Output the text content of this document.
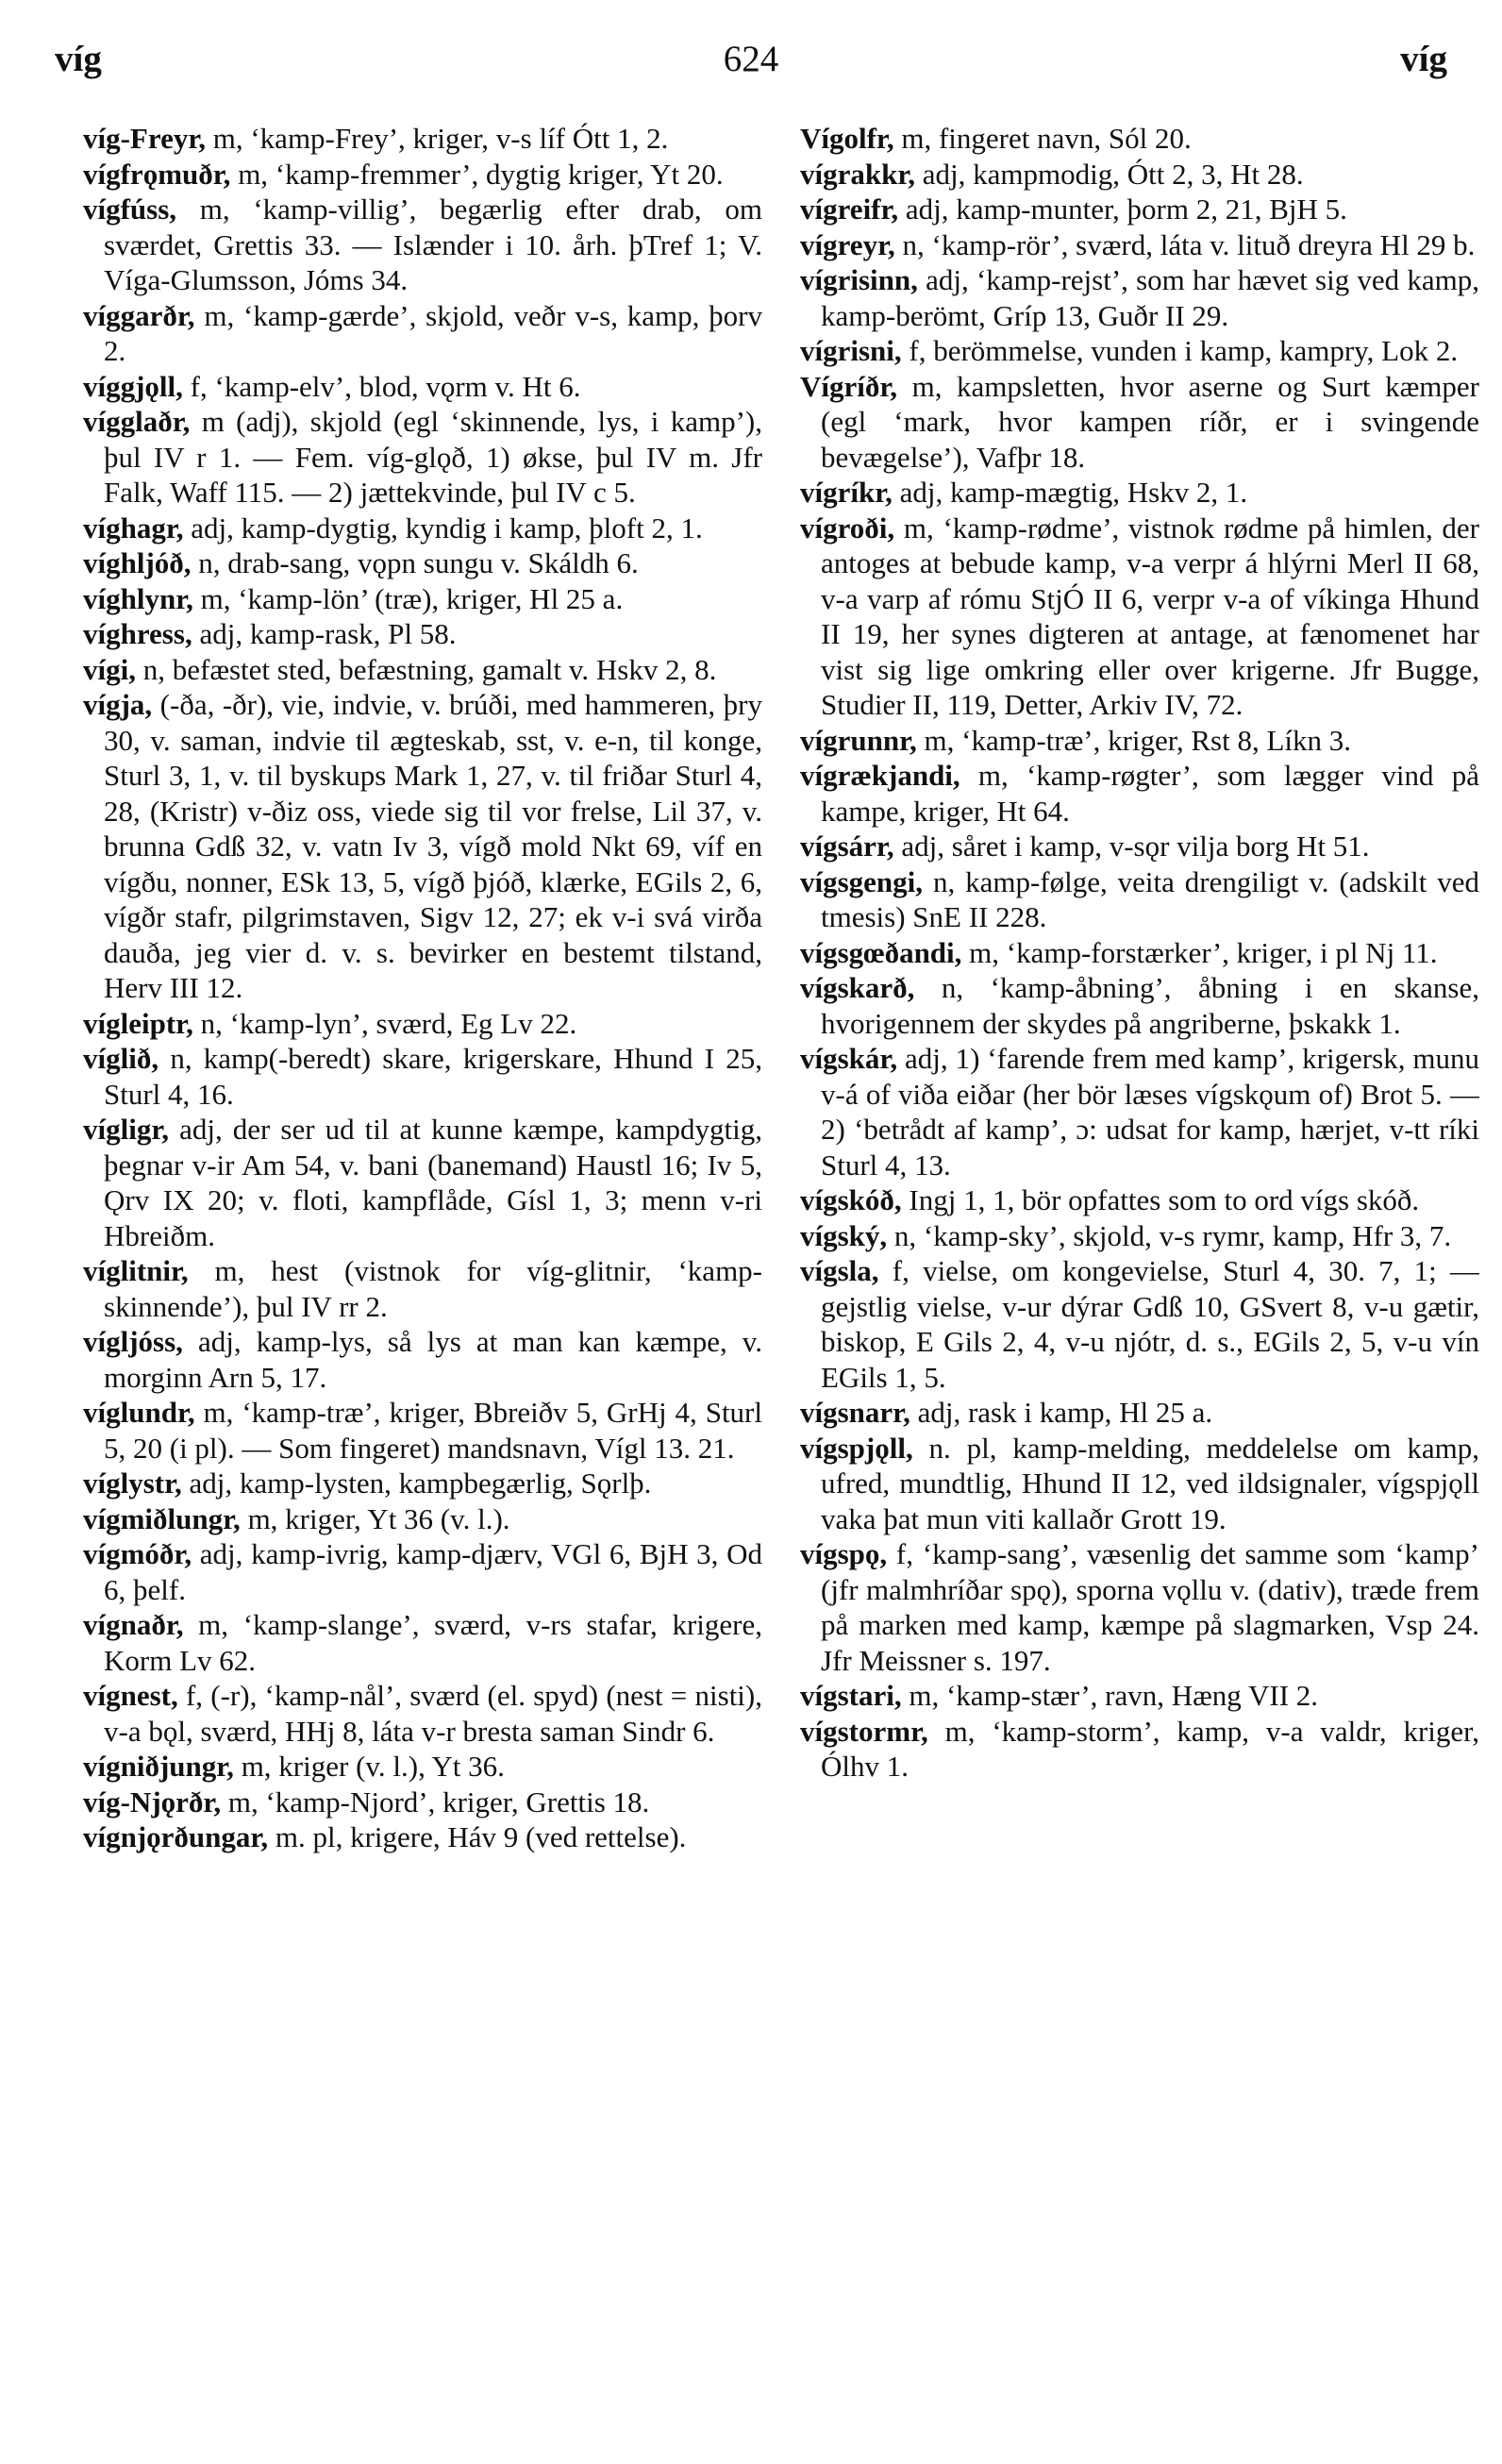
624
víg	víg

víg-Freyr, m, ‘kamp-Frey’, kriger, v-s líf Ótt 1, 2.

vígfrǫmuðr, m, ‘kamp-fremmer’, dygtig kriger, Yt 20.

vígfúss, m, ‘kamp-villig’, begærlig efter drab, om sværdet, Grettis 33. — Islænder i 10. årh. þTref 1; V. Víga-Glumsson, Jóms 34.

víggarðr, m, ‘kamp-gærde’, skjold, veðr v-s, kamp, þorv 2.

víggjǫll, f, ‘kamp-elv’, blod, vǫrm v. Ht 6.

vígglaðr, m (adj), skjold (egl ‘skinnende, lys, i kamp’), þul IV r 1. — Fem. víg-glǫð, 1) økse, þul IV m. Jfr Falk, Waff 115. — 2) jættekvinde, þul IV c 5.

víghagr, adj, kamp-dygtig, kyndig i kamp, þloft 2, 1.

víghljóð, n, drab-sang, vǫpn sungu v. Skáldh 6.

víghlynr, m, ‘kamp-lön’ (træ), kriger, Hl 25 a.

víghress, adj, kamp-rask, Pl 58.

vígi, n, befæstet sted, befæstning, gamalt v. Hskv 2, 8.

vígja, (-ða, -ðr), vie, indvie, v. brúði, med hammeren, þry 30, v. saman, indvie til ægteskab, sst, v. e-n, til konge, Sturl 3, 1, v. til byskups Mark 1, 27, v. til friðar Sturl 4, 28, (Kristr) v-ðiz oss, viede sig til vor frelse, Lil 37, v. brunna Gdß 32, v. vatn Iv 3, vígð mold Nkt 69, víf en vígðu, nonner, ESk 13, 5, vígð þjóð, klærke, EGils 2, 6, vígðr stafr, pilgrimstaven, Sigv 12, 27; ek v-i svá virða dauða, jeg vier d. v. s. bevirker en bestemt tilstand, Herv III 12.

vígleiptr, n, ‘kamp-lyn’, sværd, Eg Lv 22.

víglið, n, kamp(-beredt) skare, krigerskare, Hhund I 25, Sturl 4, 16.

vígligr, adj, der ser ud til at kunne kæmpe, kampdygtig, þegnar v-ir Am 54, v. bani (banemand) Haustl 16; Iv 5, Ǫrv IX 20; v. floti, kampflåde, Gísl 1, 3; menn v-ri Hbreiðm.

víglitnir, m, hest (vistnok for víg-glitnir, ‘kamp-skinnende’), þul IV rr 2.

vígljóss, adj, kamp-lys, så lys at man kan kæmpe, v. morginn Arn 5, 17.

víglundr, m, ‘kamp-træ’, kriger, Bbreiðv 5, GrHj 4, Sturl 5, 20 (i pl). — Som fingeret) mandsnavn, Vígl 13. 21.

víglystr, adj, kamp-lysten, kampbegærlig, Sǫrlþ.

vígmiðlungr, m, kriger, Yt 36 (v. l.).

vígmóðr, adj, kamp-ivrig, kamp-djærv, VGl 6, BjH 3, Od 6, þelf.

vígnaðr, m, ‘kamp-slange’, sværd, v-rs stafar, krigere, Korm Lv 62.

vígnest, f, (-r), ‘kamp-nål’, sværd (el. spyd) (nest = nisti), v-a bǫl, sværd, HHj 8, láta v-r bresta saman Sindr 6.

vígniðjungr, m, kriger (v. l.), Yt 36.

víg-Njǫrðr, m, ‘kamp-Njord’, kriger, Grettis 18.

vígnjǫrðungar, m. pl, krigere, Háv 9 (ved rettelse).

Vígolfr, m, fingeret navn, Sól 20.

vígrakkr, adj, kampmodig, Ótt 2, 3, Ht 28.

vígreifr, adj, kamp-munter, þorm 2, 21, BjH 5.

vígreyr, n, ‘kamp-rör’, sværd, láta v. lituð dreyra Hl 29 b.

vígrisinn, adj, ‘kamp-rejst’, som har hævet sig ved kamp, kamp-berömt, Gríp 13, Guðr II 29.

vígrisni, f, berömmelse, vunden i kamp, kampry, Lok 2.

Vígríðr, m, kampsletten, hvor aserne og Surt kæmper (egl ‘mark, hvor kampen ríðr, er i svingende bevægelse’), Vafþr 18.

vígríkr, adj, kamp-mægtig, Hskv 2, 1.

vígroði, m, ‘kamp-rødme’, vistnok rødme på himlen, der antoges at bebude kamp, v-a verpr á hlýrni Merl II 68, v-a varp af rómu StjÓ II 6, verpr v-a of víkinga Hhund II 19, her synes digteren at antage, at fænomenet har vist sig lige omkring eller over krigerne. Jfr Bugge, Studier II, 119, Detter, Arkiv IV, 72.

vígrunnr, m, ‘kamp-træ’, kriger, Rst 8, Líkn 3.

vígrækjandi, m, ‘kamp-røgter’, som lægger vind på kampe, kriger, Ht 64.

vígsárr, adj, såret i kamp, v-sǫr vilja borg Ht 51.

vígsgengi, n, kamp-følge, veita drengiligt v. (adskilt ved tmesis) SnE II 228.

vígsgœðandi, m, ‘kamp-forstærker’, kriger, i pl Nj 11.

vígskarð, n, ‘kamp-åbning’, åbning i en skanse, hvorigennem der skydes på angriberne, þskakk 1.

vígskár, adj, 1) ‘farende frem med kamp’, krigersk, munu v-á of viða eiðar (her bör læses vígskǫum of) Brot 5. — 2) ‘betrådt af kamp’, ɔ: udsat for kamp, hærjet, v-tt ríki Sturl 4, 13.

vígskóð, Ingj 1, 1, bör opfattes som to ord vígs skóð.

vígský, n, ‘kamp-sky’, skjold, v-s rymr, kamp, Hfr 3, 7.

vígsla, f, vielse, om kongevielse, Sturl 4, 30. 7, 1; — gejstlig vielse, v-ur dýrar Gdß 10, GSvert 8, v-u gætir, biskop, E Gils 2, 4, v-u njótr, d. s., EGils 2, 5, v-u vín EGils 1, 5.

vígsnarr, adj, rask i kamp, Hl 25 a.

vígspjǫll, n. pl, kamp-melding, meddelelse om kamp, ufred, mundtlig, Hhund II 12, ved ildsignaler, vígspjǫll vaka þat mun viti kallaðr Grott 19.

vígspǫ, f, ‘kamp-sang’, væsenlig det samme som ‘kamp’ (jfr malmhríðar spǫ), sporna vǫllu v. (dativ), træde frem på marken med kamp, kæmpe på slagmarken, Vsp 24. Jfr Meissner s. 197.

vígstari, m, ‘kamp-stær’, ravn, Hæng VII 2.

vígstormr, m, ‘kamp-storm’, kamp, v-a valdr, kriger, Ólhv 1.
